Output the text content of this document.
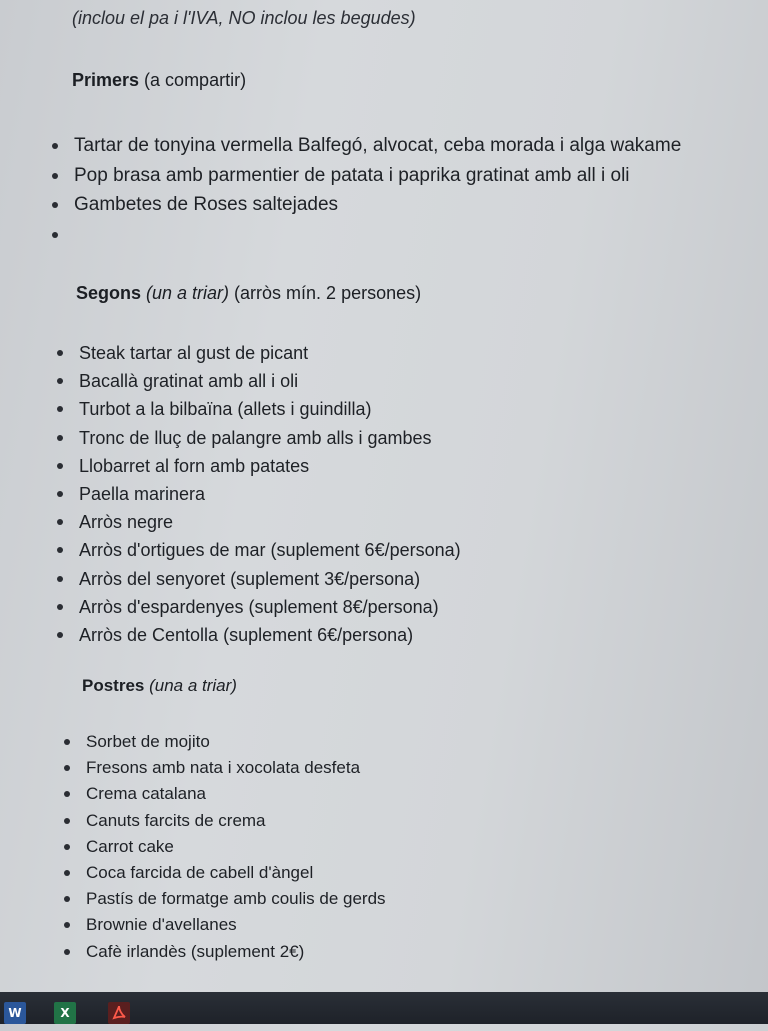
(inclou el pa i l'IVA, NO inclou les begudes)
Primers (a compartir)
Tartar de tonyina vermella Balfegó, alvocat, ceba morada i alga wakame
Pop brasa amb parmentier de patata i paprika gratinat amb all i oli
Gambetes de Roses saltejades
Segons (un a triar) (arròs mín. 2 persones)
Steak tartar al gust de picant
Bacallà gratinat amb all i oli
Turbot a la bilbaïna (allets i guindilla)
Tronc de lluç de palangre amb alls i gambes
Llobarret al forn amb patates
Paella marinera
Arròs negre
Arròs d'ortigues de mar (suplement 6€/persona)
Arròs del senyoret (suplement 3€/persona)
Arròs d'espardenyes (suplement 8€/persona)
Arròs de Centolla (suplement 6€/persona)
Postres (una a triar)
Sorbet de mojito
Fresons amb nata i xocolata desfeta
Crema catalana
Canuts farcits de crema
Carrot cake
Coca farcida de cabell d'àngel
Pastís de formatge amb coulis de gerds
Brownie d'avellanes
Cafè irlandès (suplement 2€)
W	X
